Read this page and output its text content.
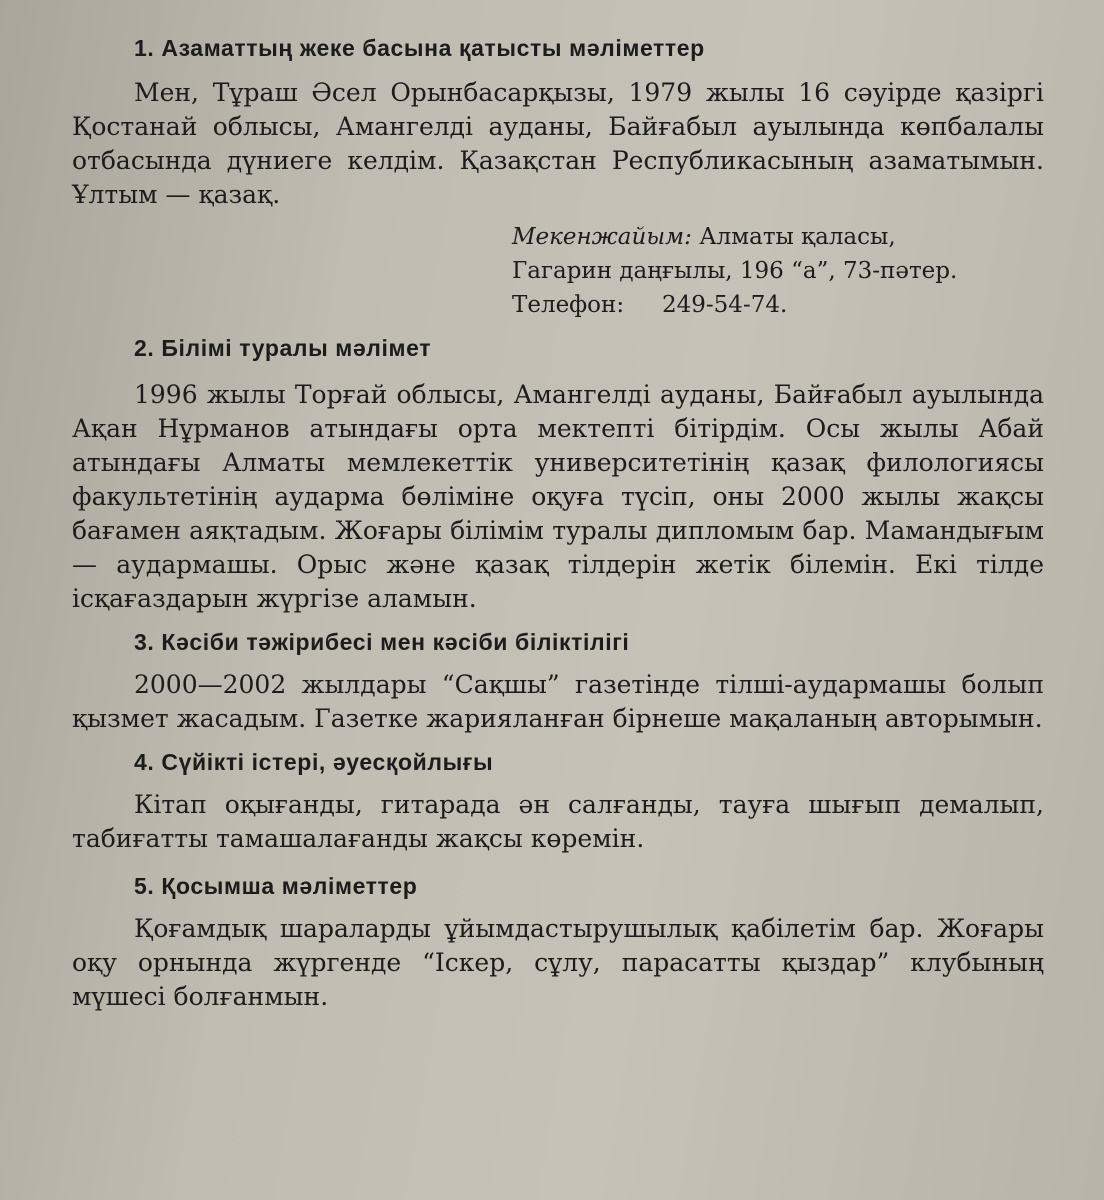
1. Азаматтың жеке басына қатысты мәліметтер

Мен, Тұраш Әсел Орынбасарқызы, 1979 жылы 16 сәуірде қазіргі Қостанай облысы, Амангелді ауданы, Байғабыл ауылында көпбалалы отбасында дүниеге келдім. Қазақстан Республикасының азаматымын. Ұлтым — қазақ.

Мекенжайым: Алматы қаласы,
Гагарин даңғылы, 196 “а”, 73-пәтер.
Телефон: 249-54-74.
2. Білімі туралы мәлімет

1996 жылы Торғай облысы, Амангелді ауданы, Байғабыл ауылында Ақан Нұрманов атындағы орта мектепті бітірдім. Осы жылы Абай атындағы Алматы мемлекеттік университетінің қазақ филологиясы факультетінің аударма бөліміне оқуға түсіп, оны 2000 жылы жақсы бағамен аяқтадым. Жоғары білімім туралы дипломым бар. Мамандығым — аудармашы. Орыс және қазақ тілдерін жетік білемін. Екі тілде ісқағаздарын жүргізе аламын.

3. Кәсіби тәжірибесі мен кәсіби біліктілігі

2000—2002 жылдары “Сақшы” газетінде тілші-аудармашы болып қызмет жасадым. Газетке жарияланған бірнеше мақаланың авторымын.

4. Сүйікті істері, әуесқойлығы

Кітап оқығанды, гитарада ән салғанды, тауға шығып демалып, табиғатты тамашалағанды жақсы көремін.

5. Қосымша мәліметтер

Қоғамдық шараларды ұйымдастырушылық қабілетім бар. Жоғары оқу орнында жүргенде “Іскер, сұлу, парасатты қыздар” клубының мүшесі болғанмын.
